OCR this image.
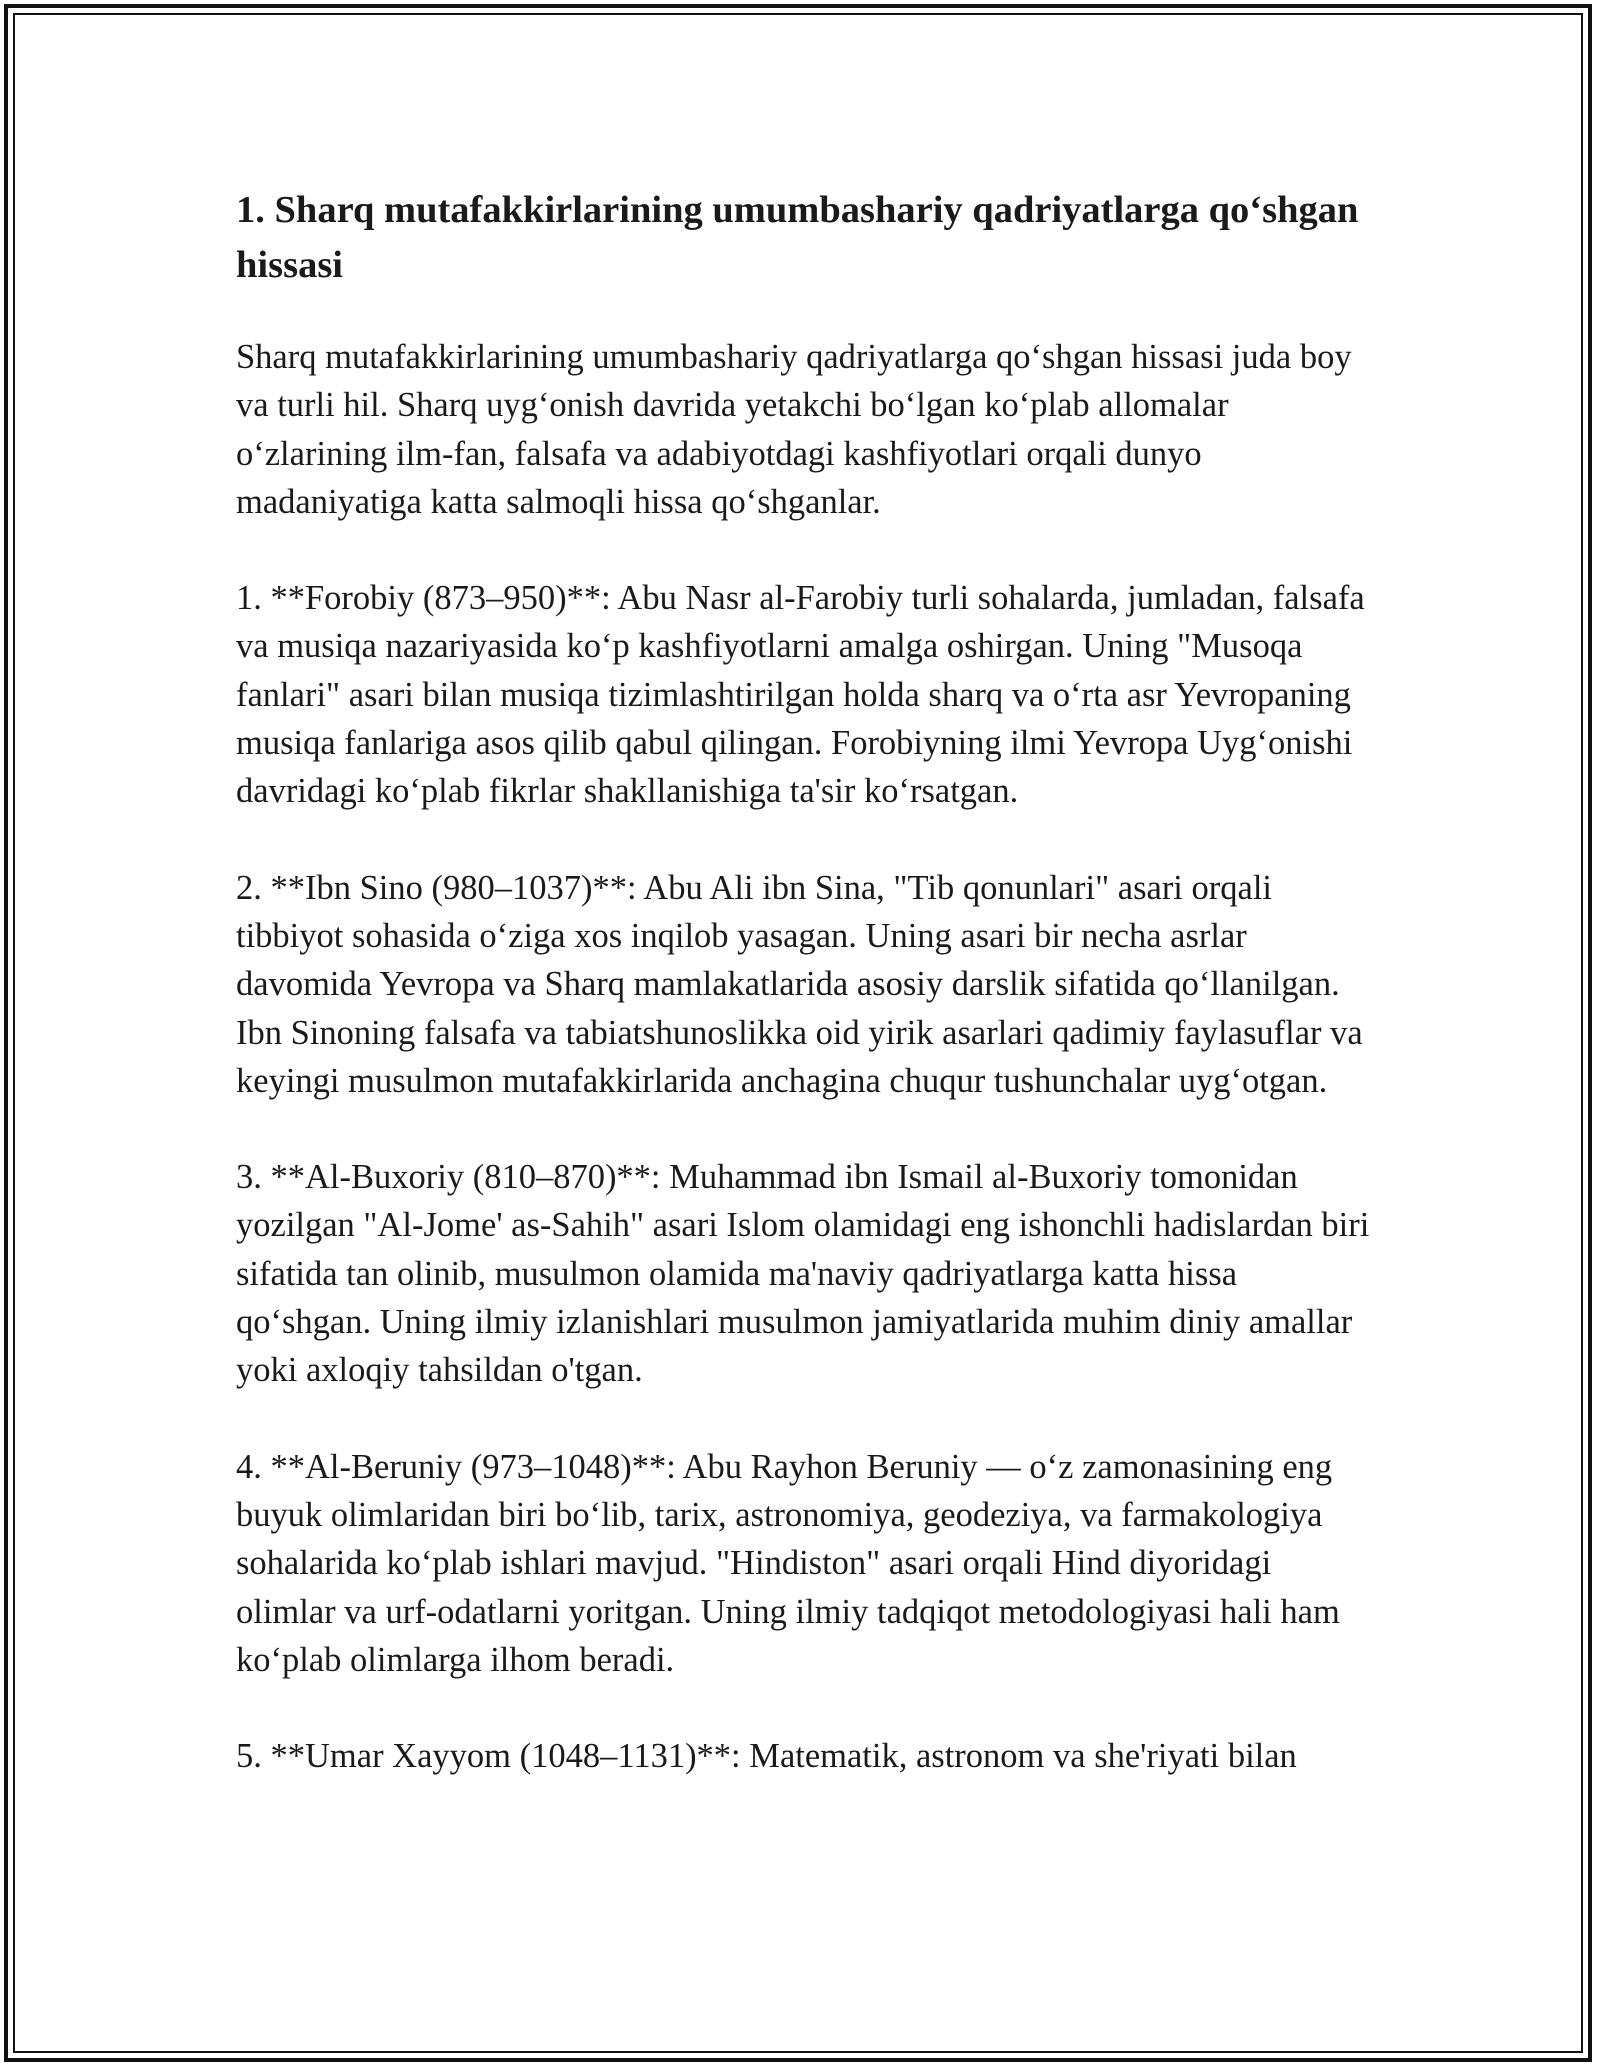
1. Sharq mutafakkirlarining umumbashariy qadriyatlarga qo‘shgan hissasi

Sharq mutafakkirlarining umumbashariy qadriyatlarga qo‘shgan hissasi juda boy va turli hil. Sharq uyg‘onish davrida yetakchi bo‘lgan ko‘plab allomalar o‘zlarining ilm-fan, falsafa va adabiyotdagi kashfiyotlari orqali dunyo madaniyatiga katta salmoqli hissa qo‘shganlar.

1. **Forobiy (873–950)**: Abu Nasr al-Farobiy turli sohalarda, jumladan, falsafa va musiqa nazariyasida ko‘p kashfiyotlarni amalga oshirgan. Uning "Musoqa fanlari" asari bilan musiqa tizimlashtirilgan holda sharq va o‘rta asr Yevropaning musiqa fanlariga asos qilib qabul qilingan. Forobiyning ilmi Yevropa Uyg‘onishi davridagi ko‘plab fikrlar shakllanishiga ta'sir ko‘rsatgan.

2. **Ibn Sino (980–1037)**: Abu Ali ibn Sina, "Tib qonunlari" asari orqali tibbiyot sohasida o‘ziga xos inqilob yasagan. Uning asari bir necha asrlar davomida Yevropa va Sharq mamlakatlarida asosiy darslik sifatida qo‘llanilgan. Ibn Sinoning falsafa va tabiatshunoslikka oid yirik asarlari qadimiy faylasuflar va keyingi musulmon mutafakkirlarida anchagina chuqur tushunchalar uyg‘otgan.

3. **Al-Buxoriy (810–870)**: Muhammad ibn Ismail al-Buxoriy tomonidan yozilgan "Al-Jome' as-Sahih" asari Islom olamidagi eng ishonchli hadislardan biri sifatida tan olinib, musulmon olamida ma'naviy qadriyatlarga katta hissa qo‘shgan. Uning ilmiy izlanishlari musulmon jamiyatlarida muhim diniy amallar yoki axloqiy tahsildan o'tgan.

4. **Al-Beruniy (973–1048)**: Abu Rayhon Beruniy — o‘z zamonasining eng buyuk olimlaridan biri bo‘lib, tarix, astronomiya, geodeziya, va farmakologiya sohalarida ko‘plab ishlari mavjud. "Hindiston" asari orqali Hind diyoridagi olimlar va urf-odatlarni yoritgan. Uning ilmiy tadqiqot metodologiyasi hali ham ko‘plab olimlarga ilhom beradi.

5. **Umar Xayyom (1048–1131)**: Matematik, astronom va she'riyati bilan
